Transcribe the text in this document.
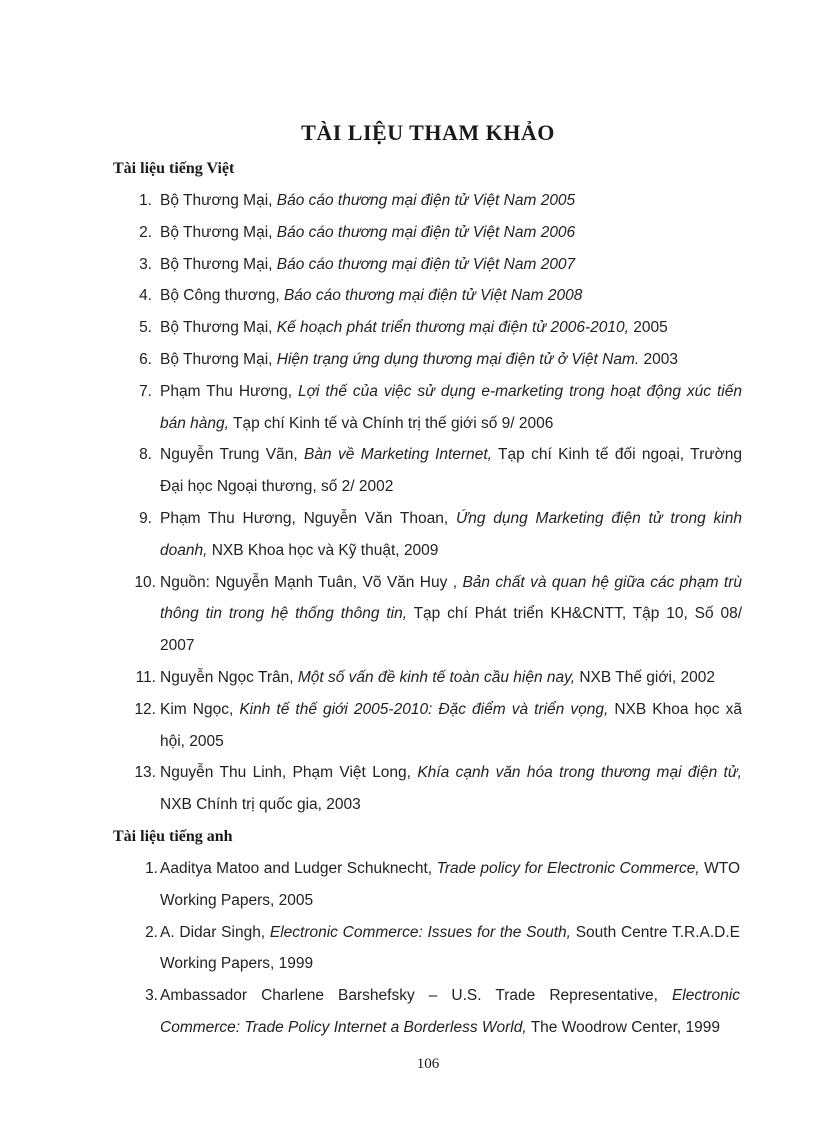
TÀI LIỆU THAM KHẢO
Tài liệu tiếng Việt
1. Bộ Thương Mại, Báo cáo thương mại điện tử Việt Nam 2005
2. Bộ Thương Mại, Báo cáo thương mại điện tử Việt Nam 2006
3. Bộ Thương Mại, Báo cáo thương mại điện tử Việt Nam 2007
4. Bộ Công thương, Báo cáo thương mại điện tử Việt Nam 2008
5. Bộ Thương Mại, Kế hoạch phát triển thương mại điện tử 2006-2010, 2005
6. Bộ Thương Mại, Hiện trạng ứng dụng thương mại điện tử ở Việt Nam. 2003
7. Phạm Thu Hương, Lợi thế của việc sử dụng e-marketing trong hoạt động xúc tiến bán hàng, Tạp chí Kinh tế và Chính trị thế giới số 9/ 2006
8. Nguyễn Trung Vãn, Bàn về Marketing Internet, Tạp chí Kinh tế đối ngoại, Trường Đại học Ngoại thương, số 2/ 2002
9. Phạm Thu Hương, Nguyễn Văn Thoan, Ứng dụng Marketing điện tử trong kinh doanh, NXB Khoa học và Kỹ thuật, 2009
10. Nguồn: Nguyễn Mạnh Tuân, Võ Văn Huy , Bản chất và quan hệ giữa các phạm trù thông tin trong hệ thống thông tin, Tạp chí Phát triển KH&CNTT, Tập 10, Số 08/ 2007
11. Nguyễn Ngọc Trân, Một số vấn đề kinh tế toàn cầu hiện nay, NXB Thế giới, 2002
12. Kim Ngọc, Kinh tế thế giới 2005-2010: Đặc điểm và triển vọng, NXB Khoa học xã hội, 2005
13. Nguyễn Thu Linh, Phạm Việt Long, Khía cạnh văn hóa trong thương mại điện tử, NXB Chính trị quốc gia, 2003
Tài liệu tiếng anh
1. Aaditya Matoo and Ludger Schuknecht, Trade policy for Electronic Commerce, WTO Working Papers, 2005
2. A. Didar Singh, Electronic Commerce: Issues for the South, South Centre T.R.A.D.E Working Papers, 1999
3. Ambassador Charlene Barshefsky – U.S. Trade Representative, Electronic Commerce: Trade Policy Internet a Borderless World, The Woodrow Center, 1999
106
